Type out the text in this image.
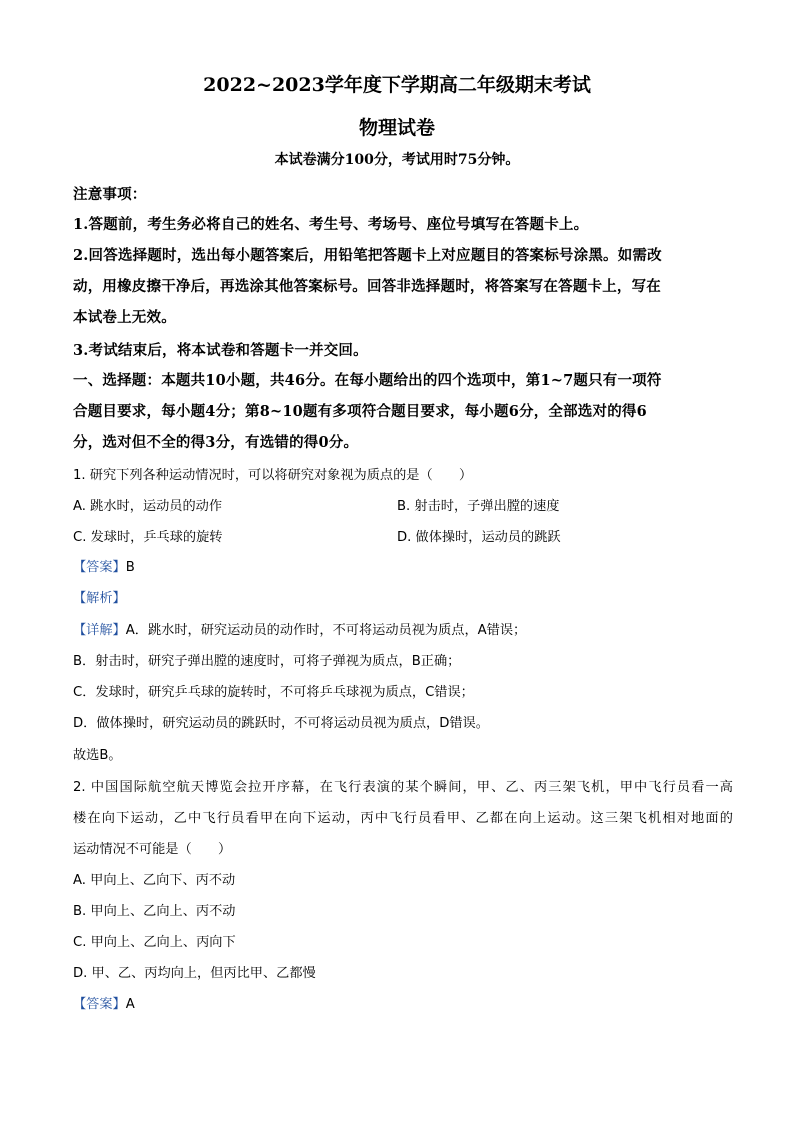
2022~2023学年度下学期高二年级期末考试
物理试卷
本试卷满分100分，考试用时75分钟。
注意事项：
1.答题前，考生务必将自己的姓名、考生号、考场号、座位号填写在答题卡上。
2.回答选择题时，选出每小题答案后，用铅笔把答题卡上对应题目的答案标号涂黑。如需改
动，用橡皮擦干净后，再选涂其他答案标号。回答非选择题时，将答案写在答题卡上，写在
本试卷上无效。
3.考试结束后，将本试卷和答题卡一并交回。
一、选择题：本题共10小题，共46分。在每小题给出的四个选项中，第1~7题只有一项符
合题目要求，每小题4分；第8~10题有多项符合题目要求，每小题6分，全部选对的得6
分，选对但不全的得3分，有选错的得0分。
1. 研究下列各种运动情况时，可以将研究对象视为质点的是（　　）
A. 跳水时，运动员的动作	B. 射击时，子弹出膛的速度
C. 发球时，乒乓球的旋转	D. 做体操时，运动员的跳跃
【答案】B
【解析】
【详解】A．跳水时，研究运动员的动作时，不可将运动员视为质点，A错误；
B．射击时，研究子弹出膛的速度时，可将子弹视为质点，B正确；
C．发球时，研究乒乓球的旋转时，不可将乒乓球视为质点，C错误；
D．做体操时，研究运动员的跳跃时，不可将运动员视为质点，D错误。
故选B。
2. 中国国际航空航天博览会拉开序幕，在飞行表演的某个瞬间，甲、乙、丙三架飞机，甲中飞行员看一高
楼在向下运动，乙中飞行员看甲在向下运动，丙中飞行员看甲、乙都在向上运动。这三架飞机相对地面的
运动情况不可能是（　　）
A. 甲向上、乙向下、丙不动
B. 甲向上、乙向上、丙不动
C. 甲向上、乙向上、丙向下
D. 甲、乙、丙均向上，但丙比甲、乙都慢
【答案】A
